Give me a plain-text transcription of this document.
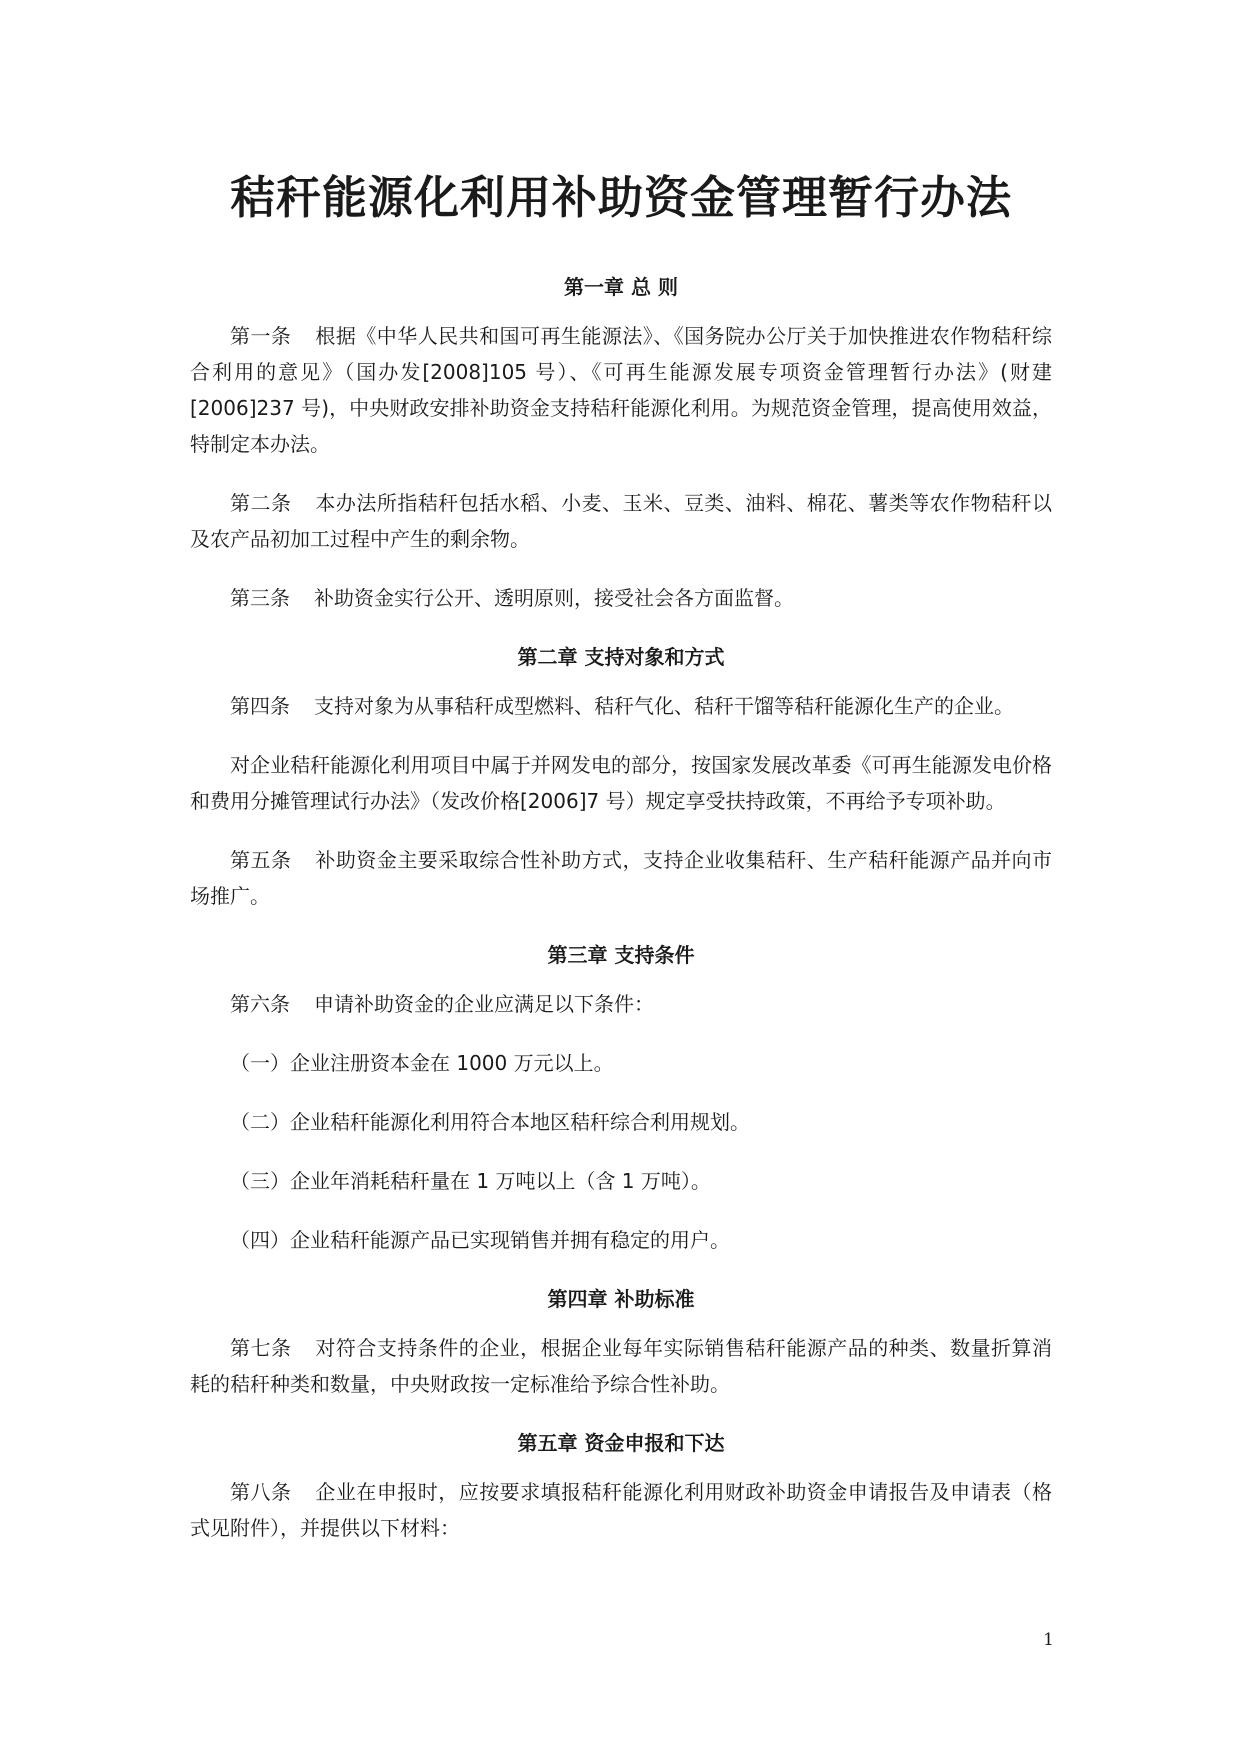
秸秆能源化利用补助资金管理暂行办法
第一章 总 则

第一条 根据《中华人民共和国可再生能源法》、《国务院办公厅关于加快推进农作物秸秆综合利用的意见》（国办发[2008]105 号）、《可再生能源发展专项资金管理暂行办法》(财建[2006]237 号)，中央财政安排补助资金支持秸秆能源化利用。为规范资金管理，提高使用效益，特制定本办法。

第二条 本办法所指秸秆包括水稻、小麦、玉米、豆类、油料、棉花、薯类等农作物秸秆以及农产品初加工过程中产生的剩余物。

第三条 补助资金实行公开、透明原则，接受社会各方面监督。

第二章 支持对象和方式

第四条 支持对象为从事秸秆成型燃料、秸秆气化、秸秆干馏等秸秆能源化生产的企业。

对企业秸秆能源化利用项目中属于并网发电的部分，按国家发展改革委《可再生能源发电价格和费用分摊管理试行办法》（发改价格[2006]7 号）规定享受扶持政策，不再给予专项补助。

第五条 补助资金主要采取综合性补助方式，支持企业收集秸秆、生产秸秆能源产品并向市场推广。

第三章 支持条件

第六条 申请补助资金的企业应满足以下条件：

（一）企业注册资本金在 1000 万元以上。

（二）企业秸秆能源化利用符合本地区秸秆综合利用规划。

（三）企业年消耗秸秆量在 1 万吨以上（含 1 万吨）。

（四）企业秸秆能源产品已实现销售并拥有稳定的用户。

第四章 补助标准

第七条 对符合支持条件的企业，根据企业每年实际销售秸秆能源产品的种类、数量折算消耗的秸秆种类和数量，中央财政按一定标准给予综合性补助。

第五章 资金申报和下达

第八条 企业在申报时，应按要求填报秸秆能源化利用财政补助资金申请报告及申请表（格式见附件），并提供以下材料：

1
